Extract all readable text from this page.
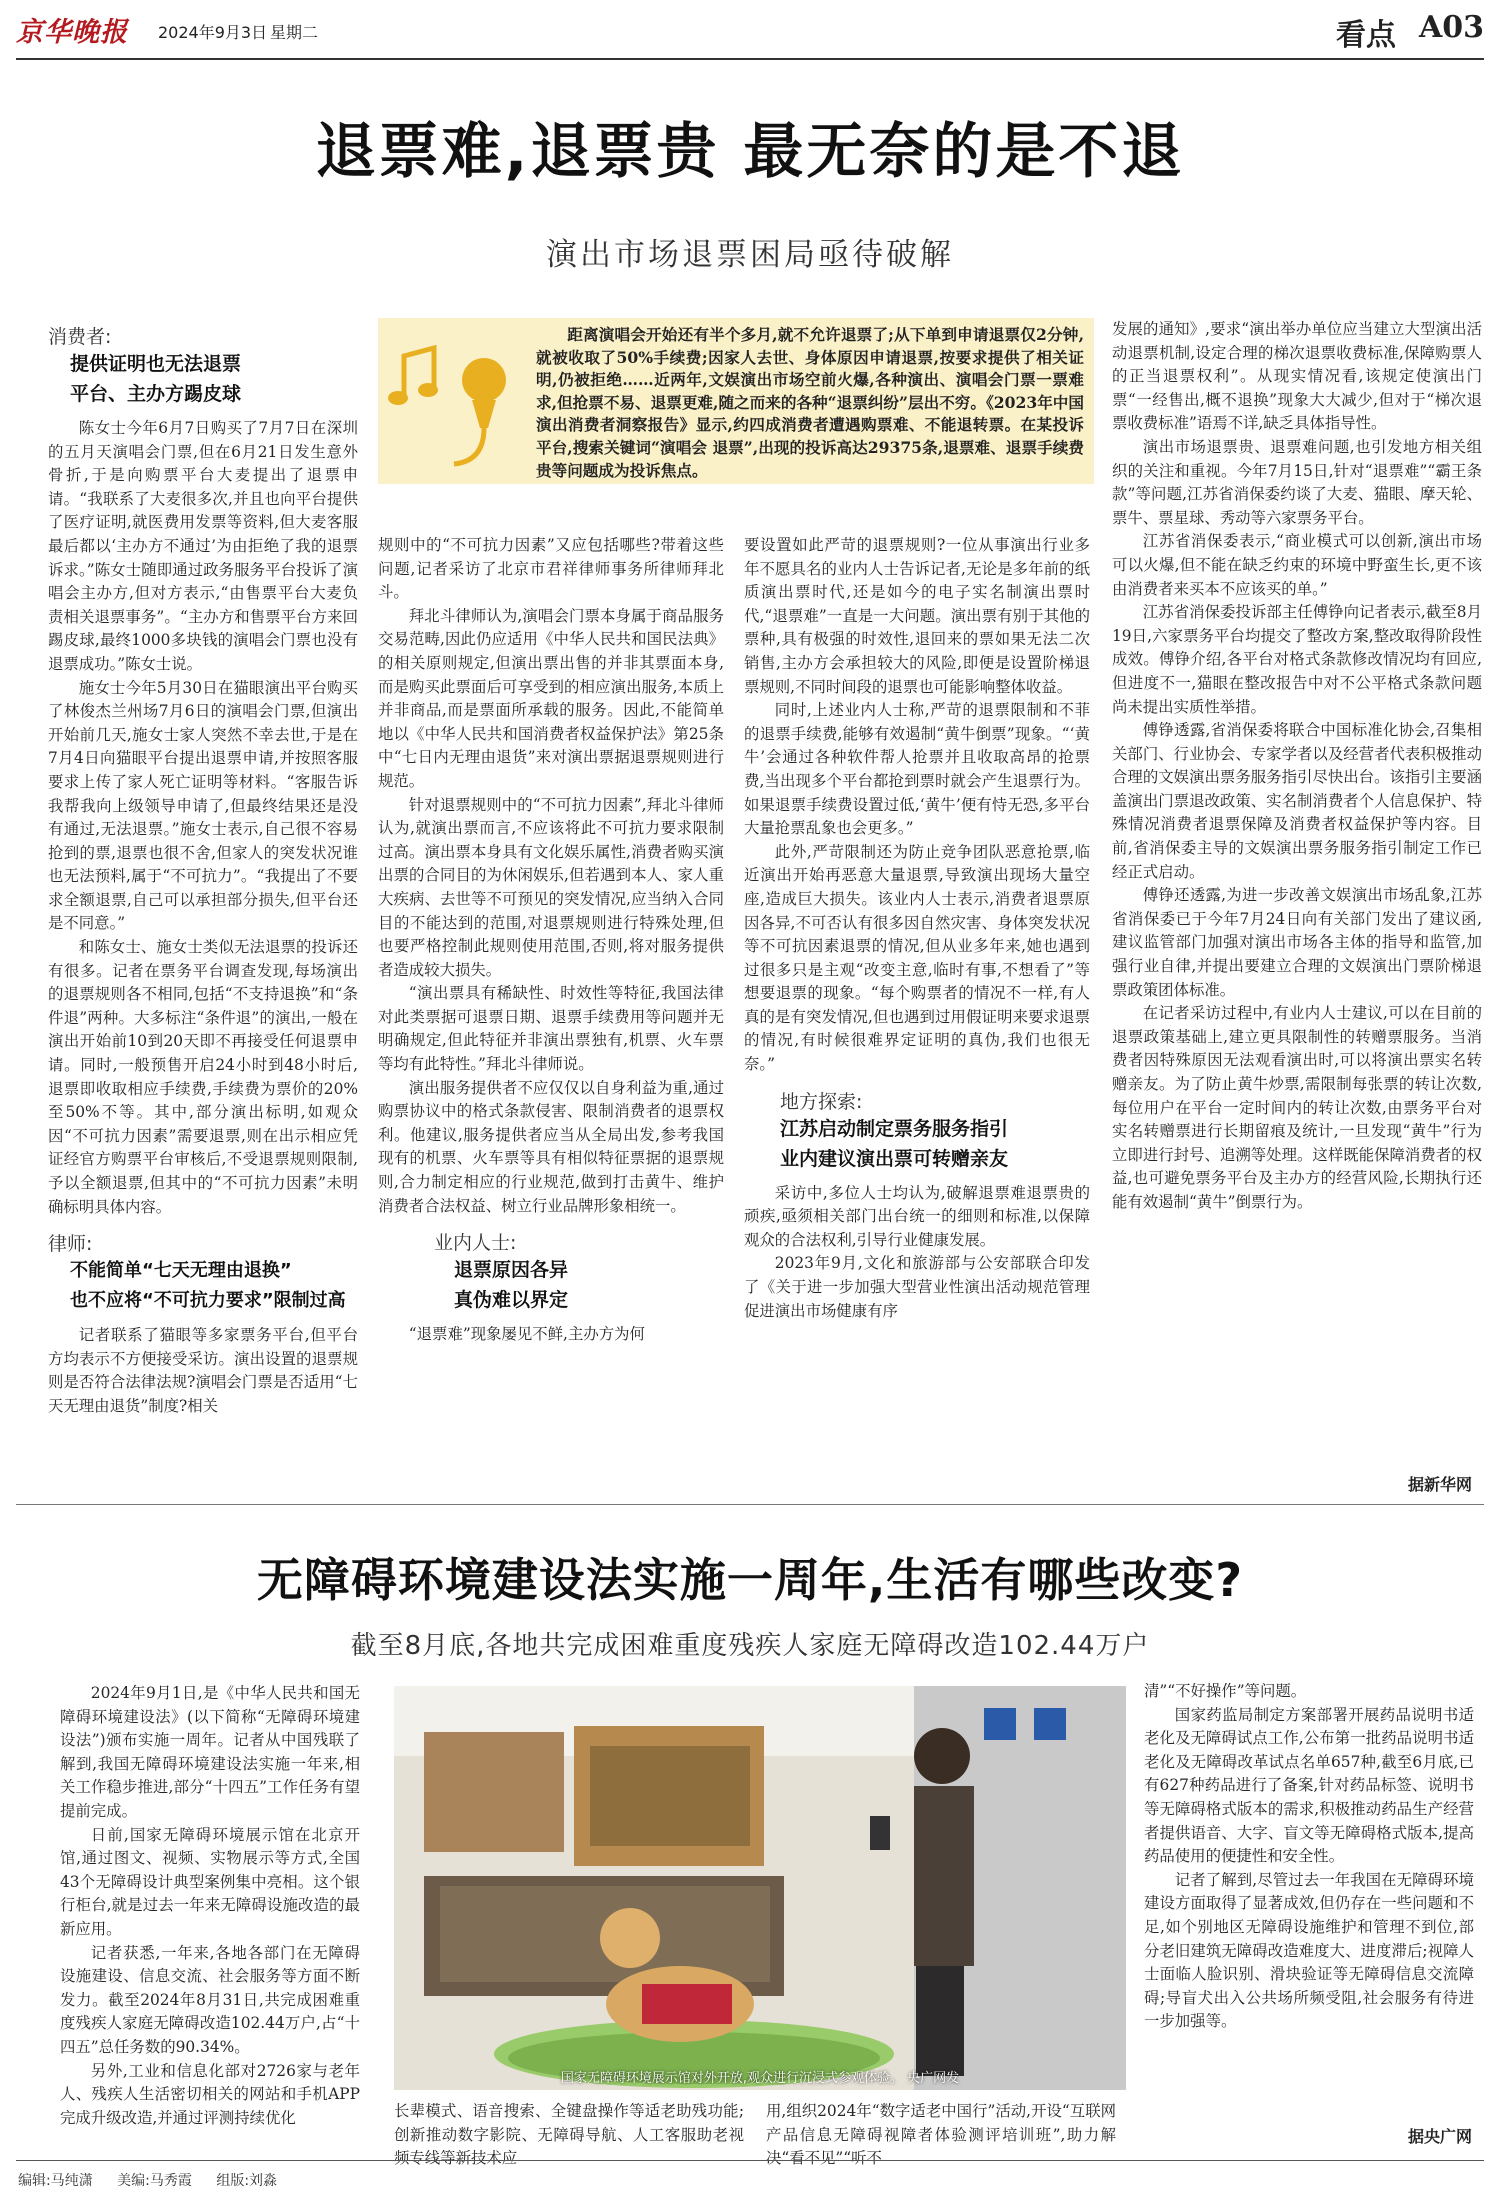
京华晚报 2024年9月3日 星期二	看点 A03
退票难,退票贵 最无奈的是不退
演出市场退票困局亟待破解
距离演唱会开始还有半个多月,就不允许退票了;从下单到申请退票仅2分钟,就被收取了50%手续费;因家人去世、身体原因申请退票,按要求提供了相关证明,仍被拒绝……近两年,文娱演出市场空前火爆,各种演出、演唱会门票一票难求,但抢票不易、退票更难,随之而来的各种“退票纠纷”层出不穷。《2023年中国演出消费者洞察报告》显示,约四成消费者遭遇购票难、不能退转票。在某投诉平台,搜索关键词“演唱会 退票”,出现的投诉高达29375条,退票难、退票手续费贵等问题成为投诉焦点。
消费者:
提供证明也无法退票
平台、主办方踢皮球

陈女士今年6月7日购买了7月7日在深圳的五月天演唱会门票,但在6月21日发生意外骨折,于是向购票平台大麦提出了退票申请。“我联系了大麦很多次,并且也向平台提供了医疗证明,就医费用发票等资料,但大麦客服最后都以‘主办方不通过’为由拒绝了我的退票诉求。”陈女士随即通过政务服务平台投诉了演唱会主办方,但对方表示,“由售票平台大麦负责相关退票事务”。“主办方和售票平台方来回踢皮球,最终1000多块钱的演唱会门票也没有退票成功。”陈女士说。

施女士今年5月30日在猫眼演出平台购买了林俊杰兰州场7月6日的演唱会门票,但演出开始前几天,施女士家人突然不幸去世,于是在7月4日向猫眼平台提出退票申请,并按照客服要求上传了家人死亡证明等材料。“客服告诉我帮我向上级领导申请了,但最终结果还是没有通过,无法退票。”施女士表示,自己很不容易抢到的票,退票也很不舍,但家人的突发状况谁也无法预料,属于“不可抗力”。“我提出了不要求全额退票,自己可以承担部分损失,但平台还是不同意。”

和陈女士、施女士类似无法退票的投诉还有很多。记者在票务平台调查发现,每场演出的退票规则各不相同,包括“不支持退换”和“条件退”两种。大多标注“条件退”的演出,一般在演出开始前10到20天即不再接受任何退票申请。同时,一般预售开启24小时到48小时后,退票即收取相应手续费,手续费为票价的20%至50%不等。其中,部分演出标明,如观众因“不可抗力因素”需要退票,则在出示相应凭证经官方购票平台审核后,不受退票规则限制,予以全额退票,但其中的“不可抗力因素”未明确标明具体内容。

律师:
不能简单“七天无理由退换”
也不应将“不可抗力要求”限制过高

记者联系了猫眼等多家票务平台,但平台方均表示不方便接受采访。演出设置的退票规则是否符合法律法规?演唱会门票是否适用“七天无理由退货”制度?相关

规则中的“不可抗力因素”又应包括哪些?带着这些问题,记者采访了北京市君祥律师事务所律师拜北斗。

拜北斗律师认为,演唱会门票本身属于商品服务交易范畴,因此仍应适用《中华人民共和国民法典》的相关原则规定,但演出票出售的并非其票面本身,而是购买此票面后可享受到的相应演出服务,本质上并非商品,而是票面所承载的服务。因此,不能简单地以《中华人民共和国消费者权益保护法》第25条中“七日内无理由退货”来对演出票据退票规则进行规范。

针对退票规则中的“不可抗力因素”,拜北斗律师认为,就演出票而言,不应该将此不可抗力要求限制过高。演出票本身具有文化娱乐属性,消费者购买演出票的合同目的为休闲娱乐,但若遇到本人、家人重大疾病、去世等不可预见的突发情况,应当纳入合同目的不能达到的范围,对退票规则进行特殊处理,但也要严格控制此规则使用范围,否则,将对服务提供者造成较大损失。

“演出票具有稀缺性、时效性等特征,我国法律对此类票据可退票日期、退票手续费用等问题并无明确规定,但此特征并非演出票独有,机票、火车票等均有此特性。”拜北斗律师说。

演出服务提供者不应仅仅以自身利益为重,通过购票协议中的格式条款侵害、限制消费者的退票权利。他建议,服务提供者应当从全局出发,参考我国现有的机票、火车票等具有相似特征票据的退票规则,合力制定相应的行业规范,做到打击黄牛、维护消费者合法权益、树立行业品牌形象相统一。

业内人士:
退票原因各异
真伪难以界定

“退票难”现象屡见不鲜,主办方为何

要设置如此严苛的退票规则?一位从事演出行业多年不愿具名的业内人士告诉记者,无论是多年前的纸质演出票时代,还是如今的电子实名制演出票时代,“退票难”一直是一大问题。演出票有别于其他的票种,具有极强的时效性,退回来的票如果无法二次销售,主办方会承担较大的风险,即便是设置阶梯退票规则,不同时间段的退票也可能影响整体收益。

同时,上述业内人士称,严苛的退票限制和不菲的退票手续费,能够有效遏制“黄牛倒票”现象。“‘黄牛’会通过各种软件帮人抢票并且收取高昂的抢票费,当出现多个平台都抢到票时就会产生退票行为。如果退票手续费设置过低,‘黄牛’便有恃无恐,多平台大量抢票乱象也会更多。”

此外,严苛限制还为防止竞争团队恶意抢票,临近演出开始再恶意大量退票,导致演出现场大量空座,造成巨大损失。该业内人士表示,消费者退票原因各异,不可否认有很多因自然灾害、身体突发状况等不可抗因素退票的情况,但从业多年来,她也遇到过很多只是主观“改变主意,临时有事,不想看了”等想要退票的现象。“每个购票者的情况不一样,有人真的是有突发情况,但也遇到过用假证明来要求退票的情况,有时候很难界定证明的真伪,我们也很无奈。”

地方探索:
江苏启动制定票务服务指引
业内建议演出票可转赠亲友

采访中,多位人士均认为,破解退票难退票贵的顽疾,亟须相关部门出台统一的细则和标准,以保障观众的合法权利,引导行业健康发展。

2023年9月,文化和旅游部与公安部联合印发了《关于进一步加强大型营业性演出活动规范管理促进演出市场健康有序

发展的通知》,要求“演出举办单位应当建立大型演出活动退票机制,设定合理的梯次退票收费标准,保障购票人的正当退票权利”。从现实情况看,该规定使演出门票“一经售出,概不退换”现象大大减少,但对于“梯次退票收费标准”语焉不详,缺乏具体指导性。

演出市场退票贵、退票难问题,也引发地方相关组织的关注和重视。今年7月15日,针对“退票难”“霸王条款”等问题,江苏省消保委约谈了大麦、猫眼、摩天轮、票牛、票星球、秀动等六家票务平台。

江苏省消保委表示,“商业模式可以创新,演出市场可以火爆,但不能在缺乏约束的环境中野蛮生长,更不该由消费者来买本不应该买的单。”

江苏省消保委投诉部主任傅铮向记者表示,截至8月19日,六家票务平台均提交了整改方案,整改取得阶段性成效。傅铮介绍,各平台对格式条款修改情况均有回应,但进度不一,猫眼在整改报告中对不公平格式条款问题尚未提出实质性举措。

傅铮透露,省消保委将联合中国标准化协会,召集相关部门、行业协会、专家学者以及经营者代表积极推动合理的文娱演出票务服务指引尽快出台。该指引主要涵盖演出门票退改政策、实名制消费者个人信息保护、特殊情况消费者退票保障及消费者权益保护等内容。目前,省消保委主导的文娱演出票务服务指引制定工作已经正式启动。

傅铮还透露,为进一步改善文娱演出市场乱象,江苏省消保委已于今年7月24日向有关部门发出了建议函,建议监管部门加强对演出市场各主体的指导和监管,加强行业自律,并提出要建立合理的文娱演出门票阶梯退票政策团体标准。

在记者采访过程中,有业内人士建议,可以在目前的退票政策基础上,建立更具限制性的转赠票服务。当消费者因特殊原因无法观看演出时,可以将演出票实名转赠亲友。为了防止黄牛炒票,需限制每张票的转让次数,每位用户在平台一定时间内的转让次数,由票务平台对实名转赠票进行长期留痕及统计,一旦发现“黄牛”行为立即进行封号、追溯等处理。这样既能保障消费者的权益,也可避免票务平台及主办方的经营风险,长期执行还能有效遏制“黄牛”倒票行为。

据新华网
无障碍环境建设法实施一周年,生活有哪些改变?
截至8月底,各地共完成困难重度残疾人家庭无障碍改造102.44万户

2024年9月1日,是《中华人民共和国无障碍环境建设法》(以下简称“无障碍环境建设法”)颁布实施一周年。记者从中国残联了解到,我国无障碍环境建设法实施一年来,相关工作稳步推进,部分“十四五”工作任务有望提前完成。

日前,国家无障碍环境展示馆在北京开馆,通过图文、视频、实物展示等方式,全国43个无障碍设计典型案例集中亮相。这个银行柜台,就是过去一年来无障碍设施改造的最新应用。

记者获悉,一年来,各地各部门在无障碍设施建设、信息交流、社会服务等方面不断发力。截至2024年8月31日,共完成困难重度残疾人家庭无障碍改造102.44万户,占“十四五”总任务数的90.34%。

另外,工业和信息化部对2726家与老年人、残疾人生活密切相关的网站和手机APP完成升级改造,并通过评测持续优化

国家无障碍环境展示馆对外开放,观众进行沉浸式参观体验。 央广网发

长辈模式、语音搜索、全键盘操作等适老助残功能;创新推动数字影院、无障碍导航、人工客服助老视频专线等新技术应

用,组织2024年“数字适老中国行”活动,开设“互联网产品信息无障碍视障者体验测评培训班”,助力解决“看不见”“听不

清”“不好操作”等问题。

国家药监局制定方案部署开展药品说明书适老化及无障碍试点工作,公布第一批药品说明书适老化及无障碍改革试点名单657种,截至6月底,已有627种药品进行了备案,针对药品标签、说明书等无障碍格式版本的需求,积极推动药品生产经营者提供语音、大字、盲文等无障碍格式版本,提高药品使用的便捷性和安全性。

记者了解到,尽管过去一年我国在无障碍环境建设方面取得了显著成效,但仍存在一些问题和不足,如个别地区无障碍设施维护和管理不到位,部分老旧建筑无障碍改造难度大、进度滞后;视障人士面临人脸识别、滑块验证等无障碍信息交流障碍;导盲犬出入公共场所频受阻,社会服务有待进一步加强等。

据央广网
编辑:马纯潇 美编:马秀霞 组版:刘淼
